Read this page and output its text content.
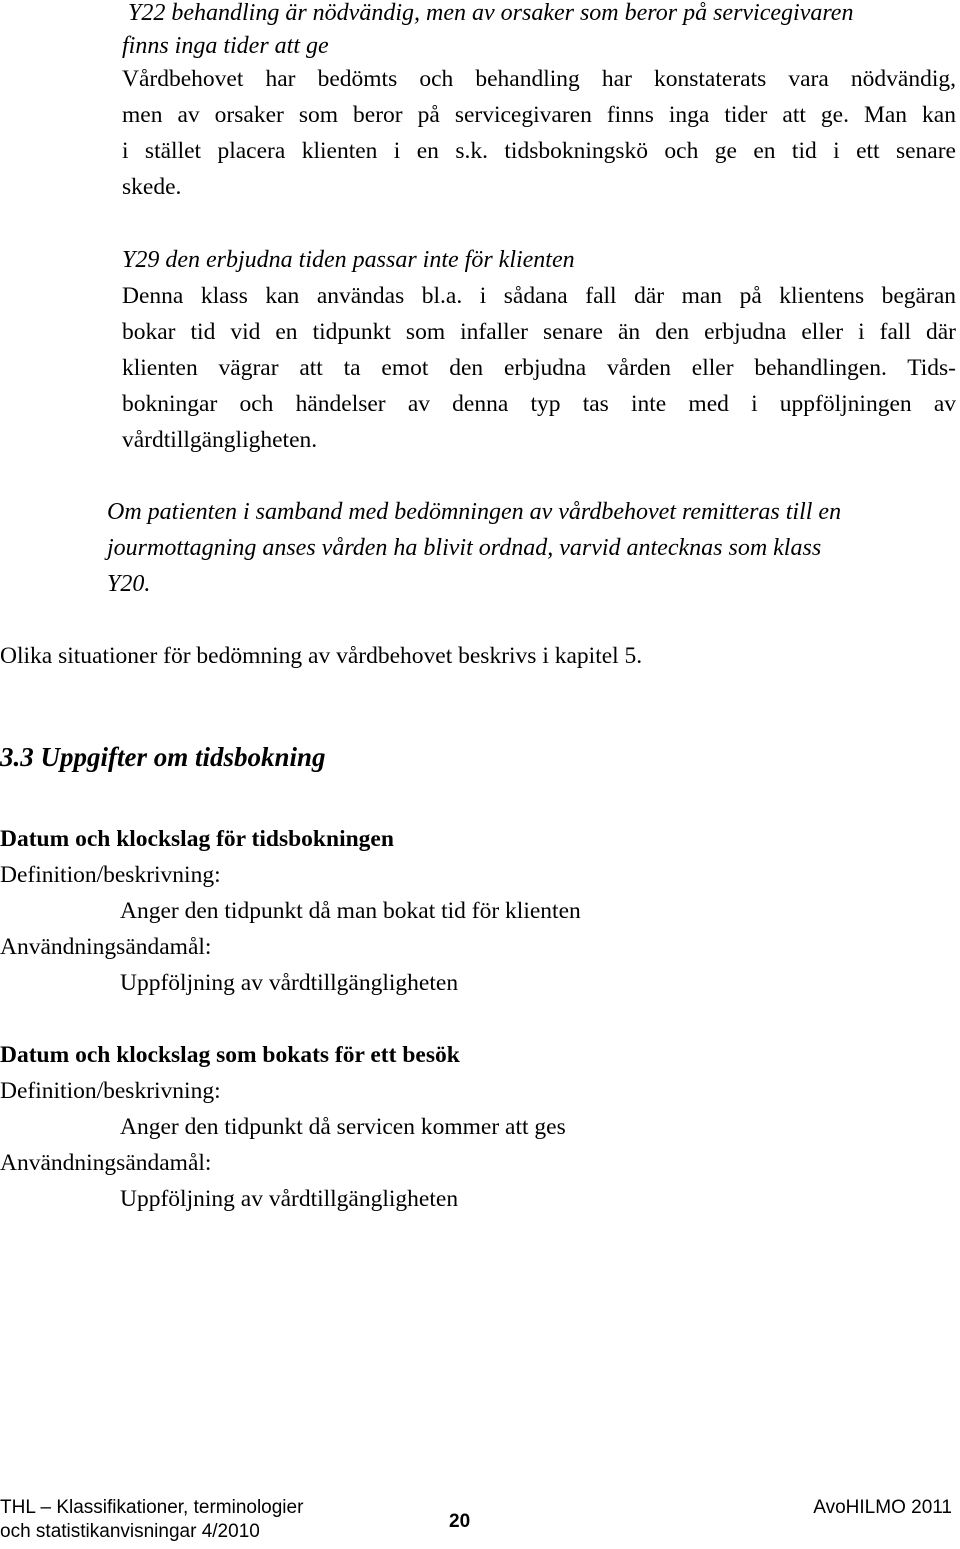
Y22 behandling är nödvändig, men av orsaker som beror på servicegivaren
finns inga tider att ge
Vårdbehovet har bedömts och behandling har konstaterats vara nödvändig,
men av orsaker som beror på servicegivaren finns inga tider att ge. Man kan
i stället placera klienten i en s.k. tidsbokningskö och ge en tid i ett senare
skede.
Y29 den erbjudna tiden passar inte för klienten
Denna klass kan användas bl.a. i sådana fall där man på klientens begäran
bokar tid vid en tidpunkt som infaller senare än den erbjudna eller i fall där
klienten vägrar att ta emot den erbjudna vården eller behandlingen. Tids-
bokningar och händelser av denna typ tas inte med i uppföljningen av
vårdtillgängligheten.
Om patienten i samband med bedömningen av vårdbehovet remitteras till en
jourmottagning anses vården ha blivit ordnad, varvid antecknas som klass
Y20.
Olika situationer för bedömning av vårdbehovet beskrivs i kapitel 5.
3.3 Uppgifter om tidsbokning
Datum och klockslag för tidsbokningen
Definition/beskrivning:
Anger den tidpunkt då man bokat tid för klienten
Användningsändamål:
Uppföljning av vårdtillgängligheten
Datum och klockslag som bokats för ett besök
Definition/beskrivning:
Anger den tidpunkt då servicen kommer att ges
Användningsändamål:
Uppföljning av vårdtillgängligheten
THL – Klassifikationer, terminologier
och statistikanvisningar 4/2010	20
AvoHILMO 2011
